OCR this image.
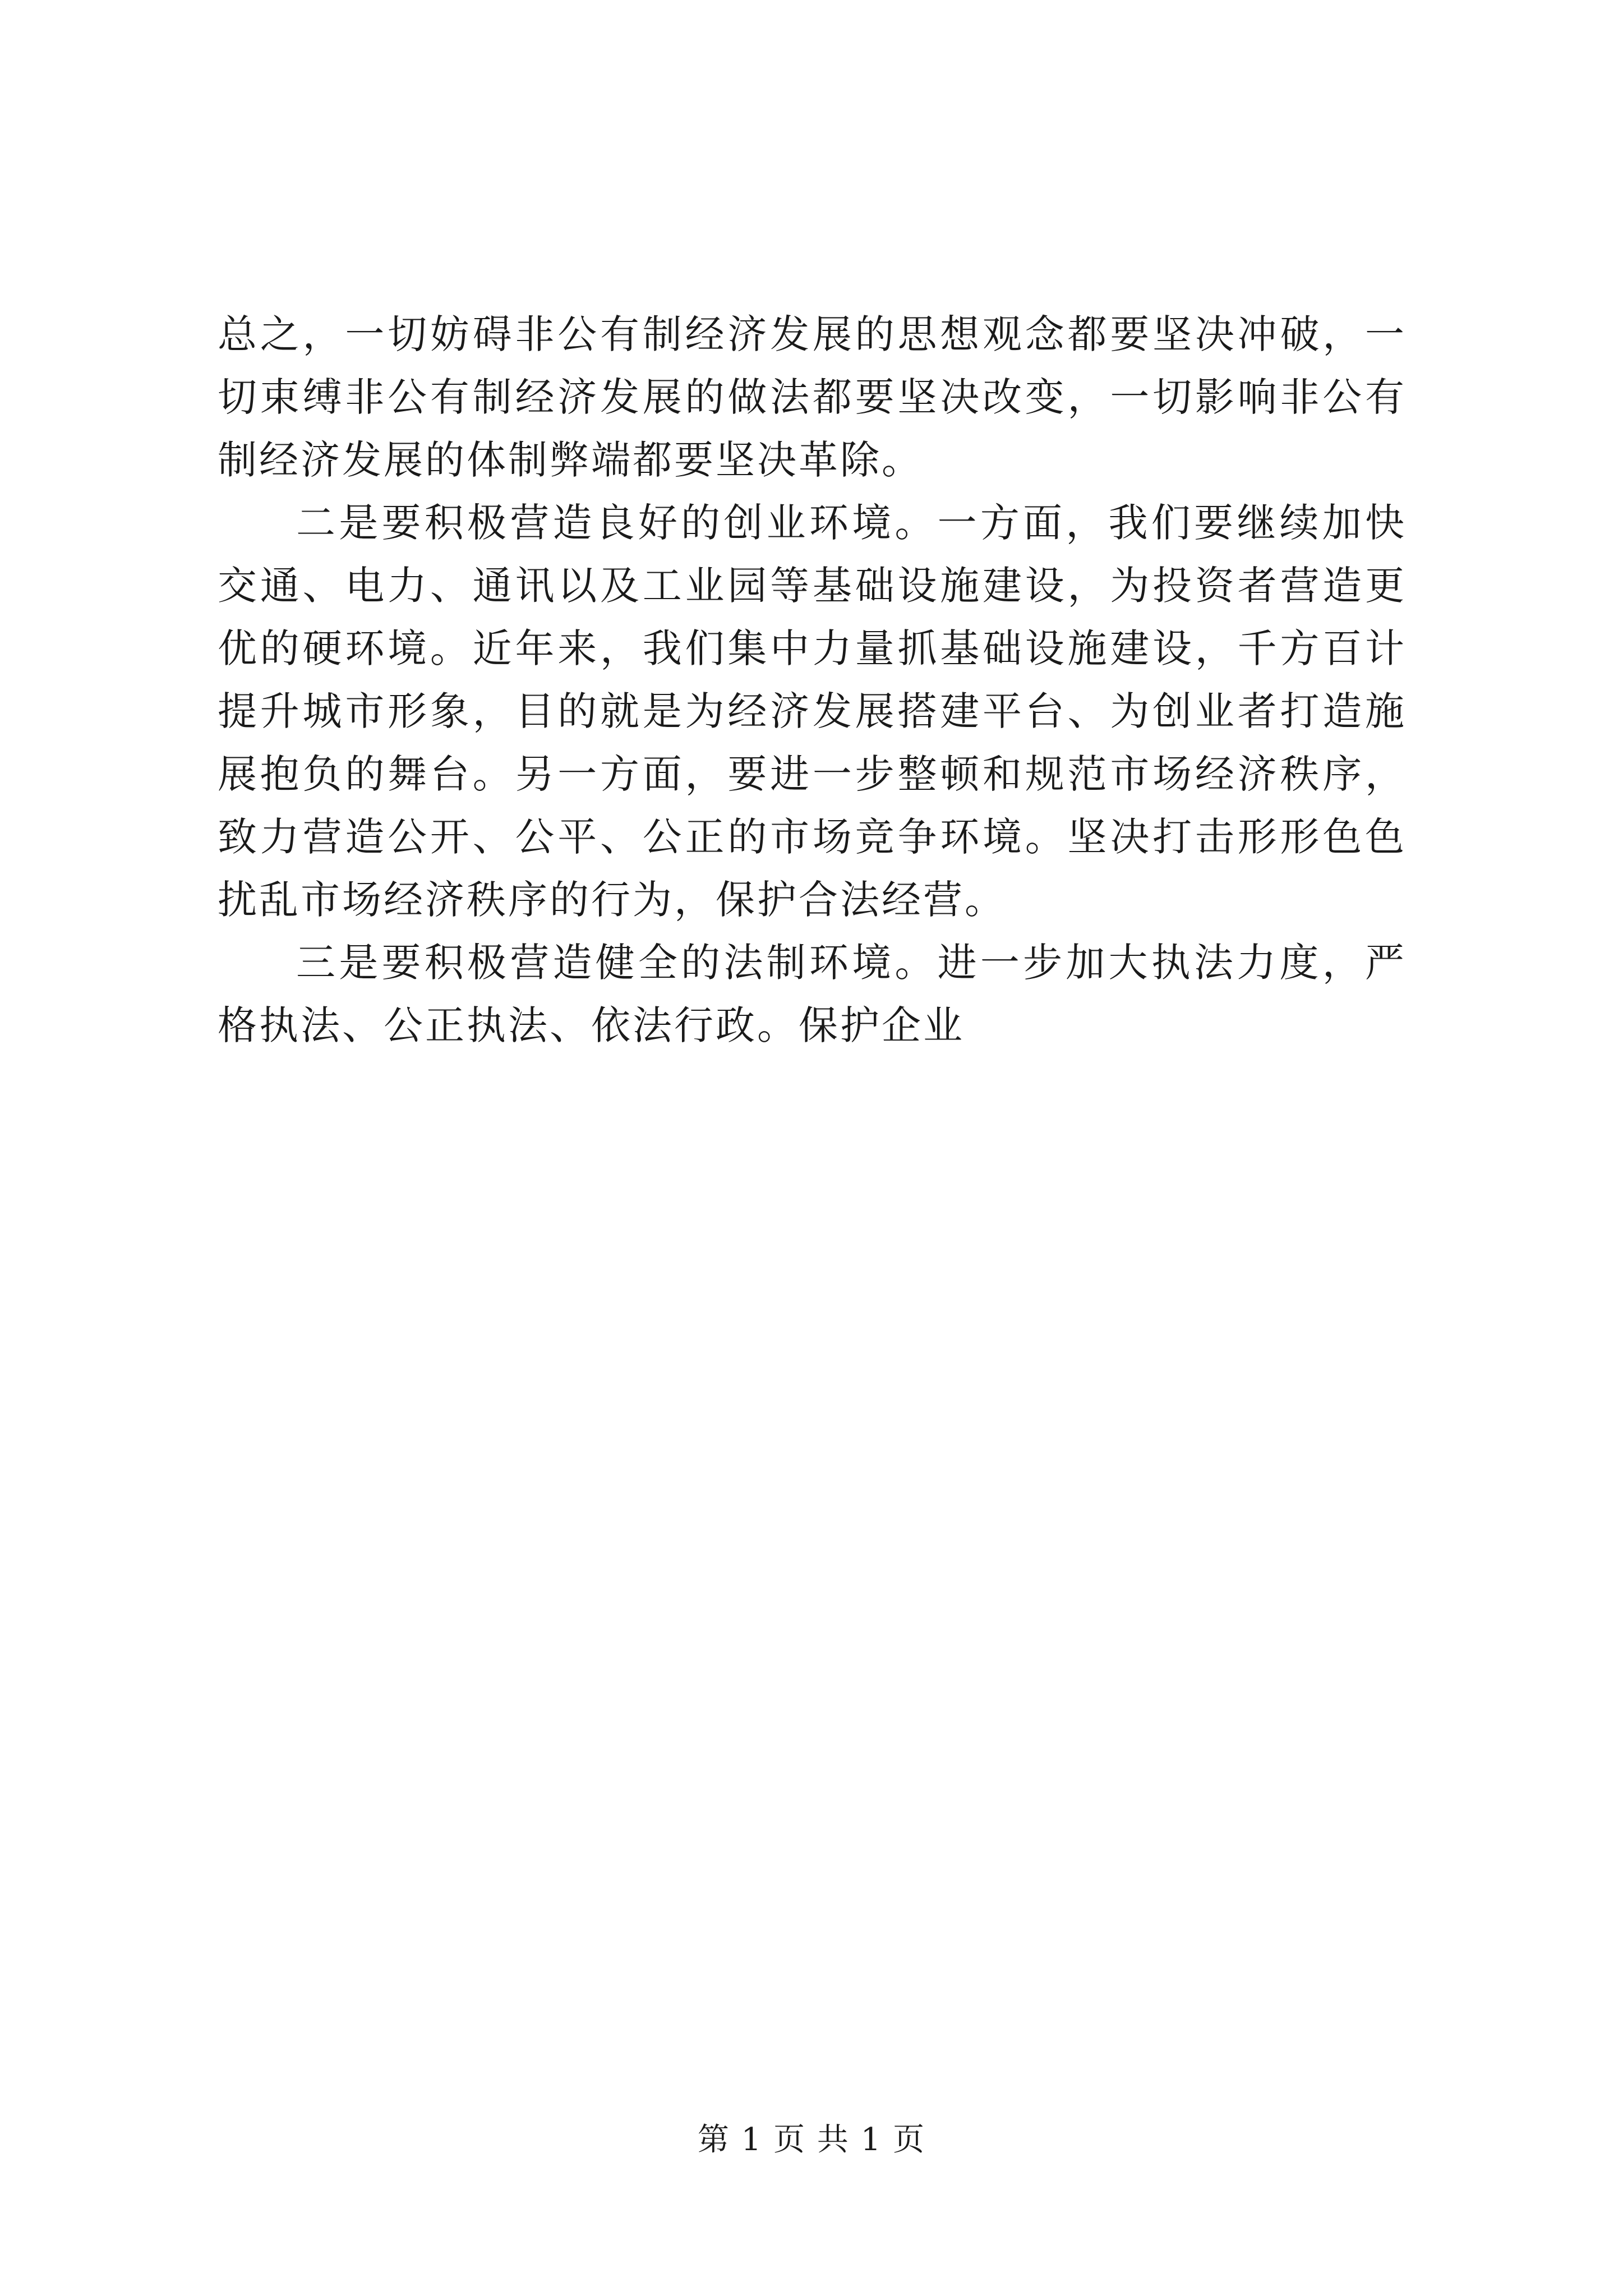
总之，一切妨碍非公有制经济发展的思想观念都要坚决冲破，一切束缚非公有制经济发展的做法都要坚决改变，一切影响非公有制经济发展的体制弊端都要坚决革除。

二是要积极营造良好的创业环境。一方面，我们要继续加快交通、电力、通讯以及工业园等基础设施建设，为投资者营造更优的硬环境。近年来，我们集中力量抓基础设施建设，千方百计提升城市形象，目的就是为经济发展搭建平台、为创业者打造施展抱负的舞台。另一方面，要进一步整顿和规范市场经济秩序，致力营造公开、公平、公正的市场竞争环境。坚决打击形形色色扰乱市场经济秩序的行为，保护合法经营。

三是要积极营造健全的法制环境。进一步加大执法力度，严格执法、公正执法、依法行政。保护企业

第 1 页 共 1 页
